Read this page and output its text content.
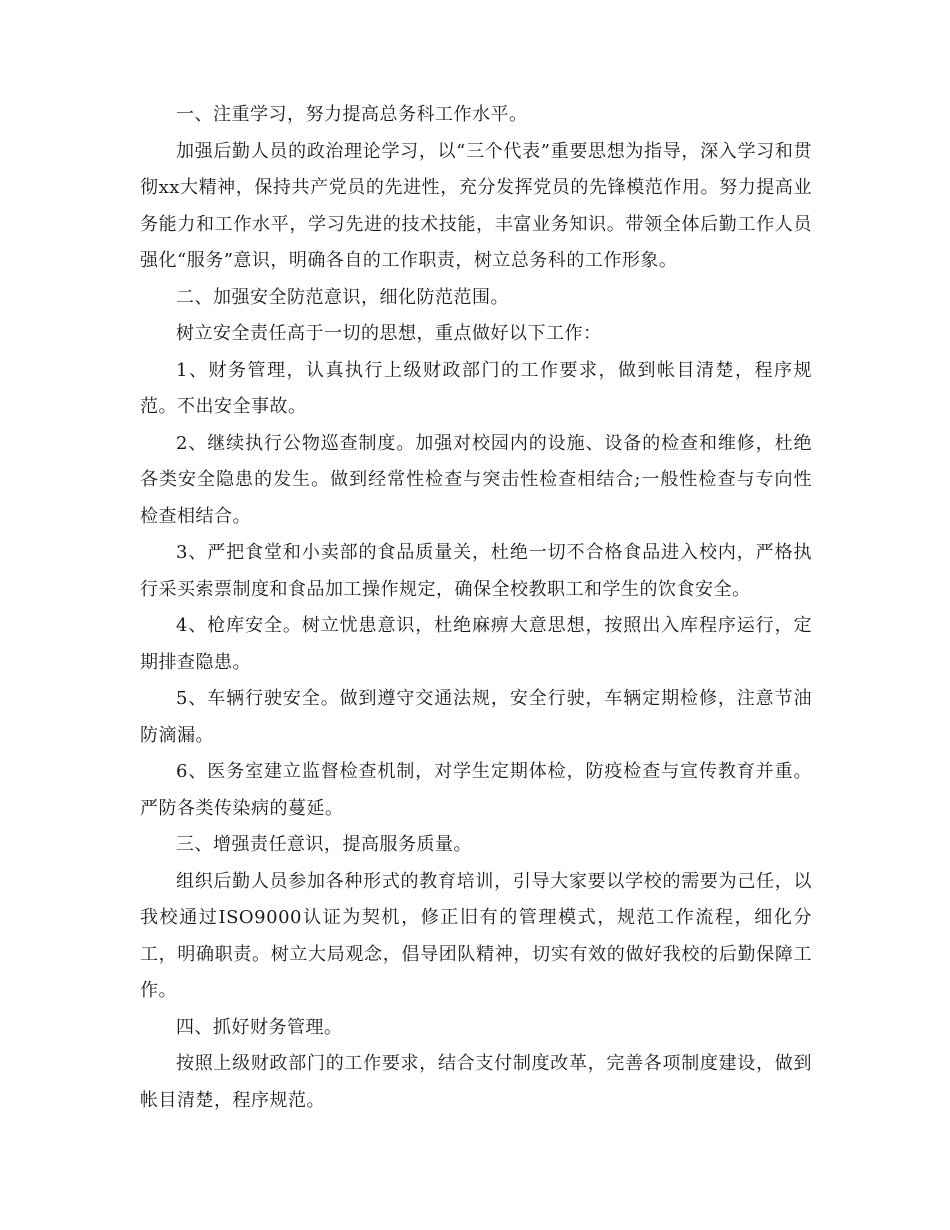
一、注重学习，努力提高总务科工作水平。

加强后勤人员的政治理论学习，以“三个代表”重要思想为指导，深入学习和贯彻xx大精神，保持共产党员的先进性，充分发挥党员的先锋模范作用。努力提高业务能力和工作水平，学习先进的技术技能，丰富业务知识。带领全体后勤工作人员强化“服务”意识，明确各自的工作职责，树立总务科的工作形象。

二、加强安全防范意识，细化防范范围。

树立安全责任高于一切的思想，重点做好以下工作：

1、财务管理，认真执行上级财政部门的工作要求，做到帐目清楚，程序规范。不出安全事故。

2、继续执行公物巡查制度。加强对校园内的设施、设备的检查和维修，杜绝各类安全隐患的发生。做到经常性检查与突击性检查相结合;一般性检查与专向性检查相结合。

3、严把食堂和小卖部的食品质量关，杜绝一切不合格食品进入校内，严格执行采买索票制度和食品加工操作规定，确保全校教职工和学生的饮食安全。

4、枪库安全。树立忧患意识，杜绝麻痹大意思想，按照出入库程序运行，定期排查隐患。

5、车辆行驶安全。做到遵守交通法规，安全行驶，车辆定期检修，注意节油防滴漏。

6、医务室建立监督检查机制，对学生定期体检，防疫检查与宣传教育并重。严防各类传染病的蔓延。

三、增强责任意识，提高服务质量。

组织后勤人员参加各种形式的教育培训，引导大家要以学校的需要为己任，以我校通过ISO9000认证为契机，修正旧有的管理模式，规范工作流程，细化分工，明确职责。树立大局观念，倡导团队精神，切实有效的做好我校的后勤保障工作。

四、抓好财务管理。

按照上级财政部门的工作要求，结合支付制度改革，完善各项制度建设，做到帐目清楚，程序规范。
